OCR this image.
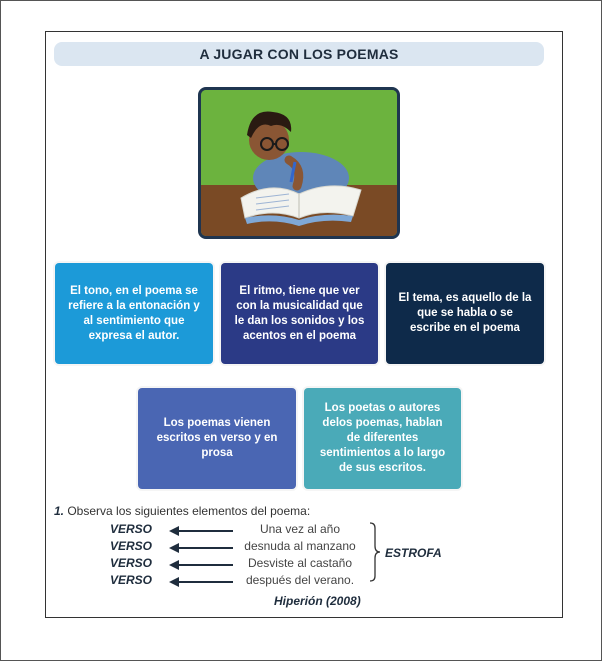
A JUGAR CON LOS POEMAS
El tono, en el poema se refiere a la entonación y al sentimiento que expresa el autor.
El ritmo, tiene que ver con la musicalidad que le dan los sonidos y los acentos en el poema
El tema, es aquello de la que se habla o se escribe en el poema
Los poemas vienen escritos en verso y en prosa
Los poetas o autores delos poemas, hablan de diferentes sentimientos a lo largo de sus escritos.
1. Observa los siguientes elementos del poema:
VERSO	Una vez al año
VERSO	desnuda al manzano
VERSO	Desviste al castaño
VERSO	después del verano.
ESTROFA
Hiperión (2008)
